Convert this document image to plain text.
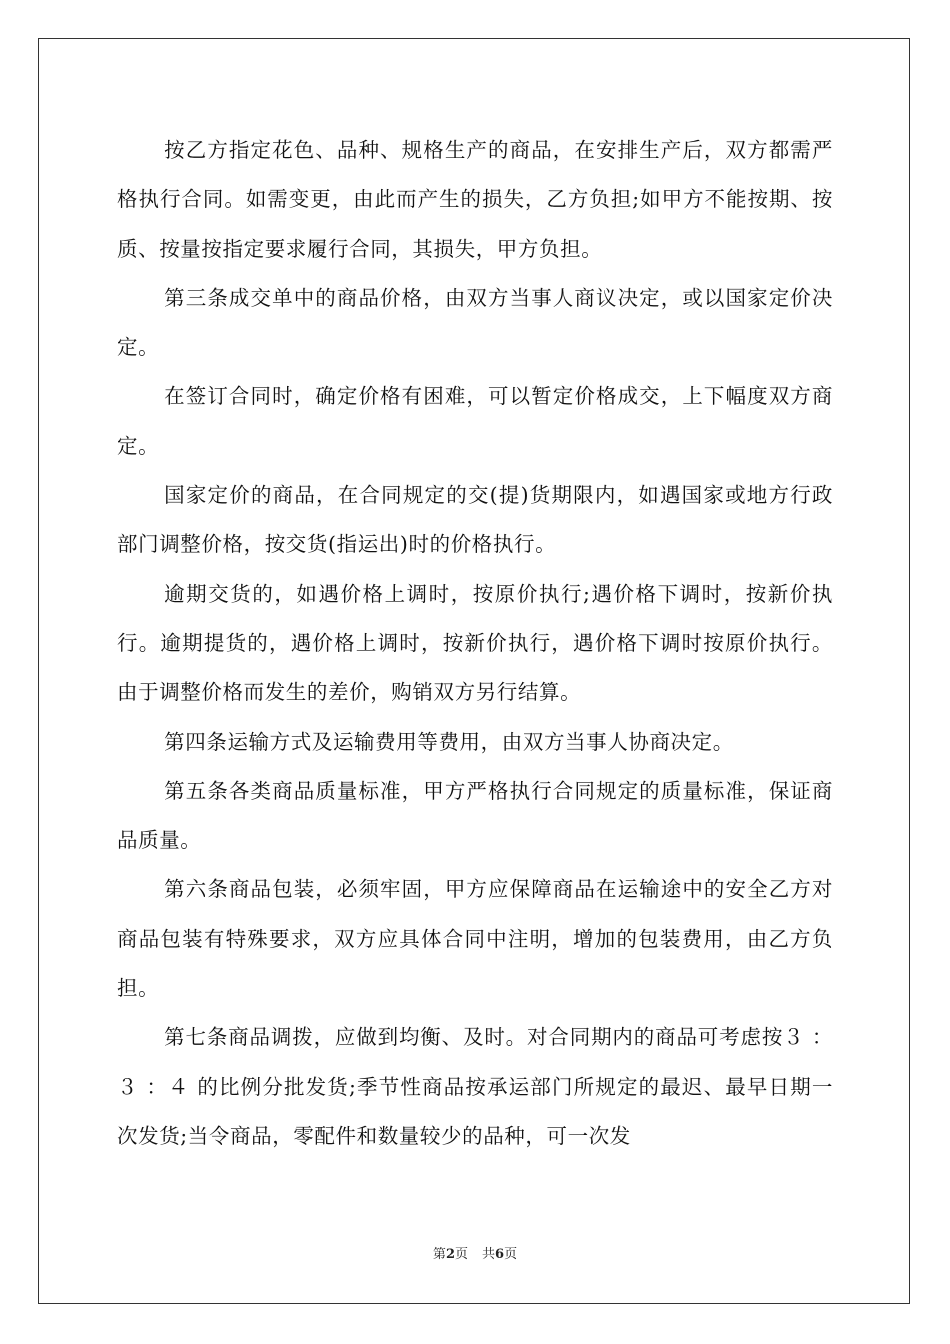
按乙方指定花色、品种、规格生产的商品，在安排生产后，双方都需严格执行合同。如需变更，由此而产生的损失，乙方负担;如甲方不能按期、按质、按量按指定要求履行合同，其损失，甲方负担。

第三条成交单中的商品价格，由双方当事人商议决定，或以国家定价决定。

在签订合同时，确定价格有困难，可以暂定价格成交，上下幅度双方商定。

国家定价的商品，在合同规定的交(提)货期限内，如遇国家或地方行政部门调整价格，按交货(指运出)时的价格执行。

逾期交货的，如遇价格上调时，按原价执行;遇价格下调时，按新价执行。逾期提货的，遇价格上调时，按新价执行，遇价格下调时按原价执行。由于调整价格而发生的差价，购销双方另行结算。

第四条运输方式及运输费用等费用，由双方当事人协商决定。

第五条各类商品质量标准，甲方严格执行合同规定的质量标准，保证商品质量。

第六条商品包装，必须牢固，甲方应保障商品在运输途中的安全乙方对商品包装有特殊要求，双方应具体合同中注明，增加的包装费用，由乙方负担。

第七条商品调拨，应做到均衡、及时。对合同期内的商品可考虑按３ ：３ ：４ 的比例分批发货;季节性商品按承运部门所规定的最迟、最早日期一次发货;当令商品，零配件和数量较少的品种，可一次发

第2页 共6页
